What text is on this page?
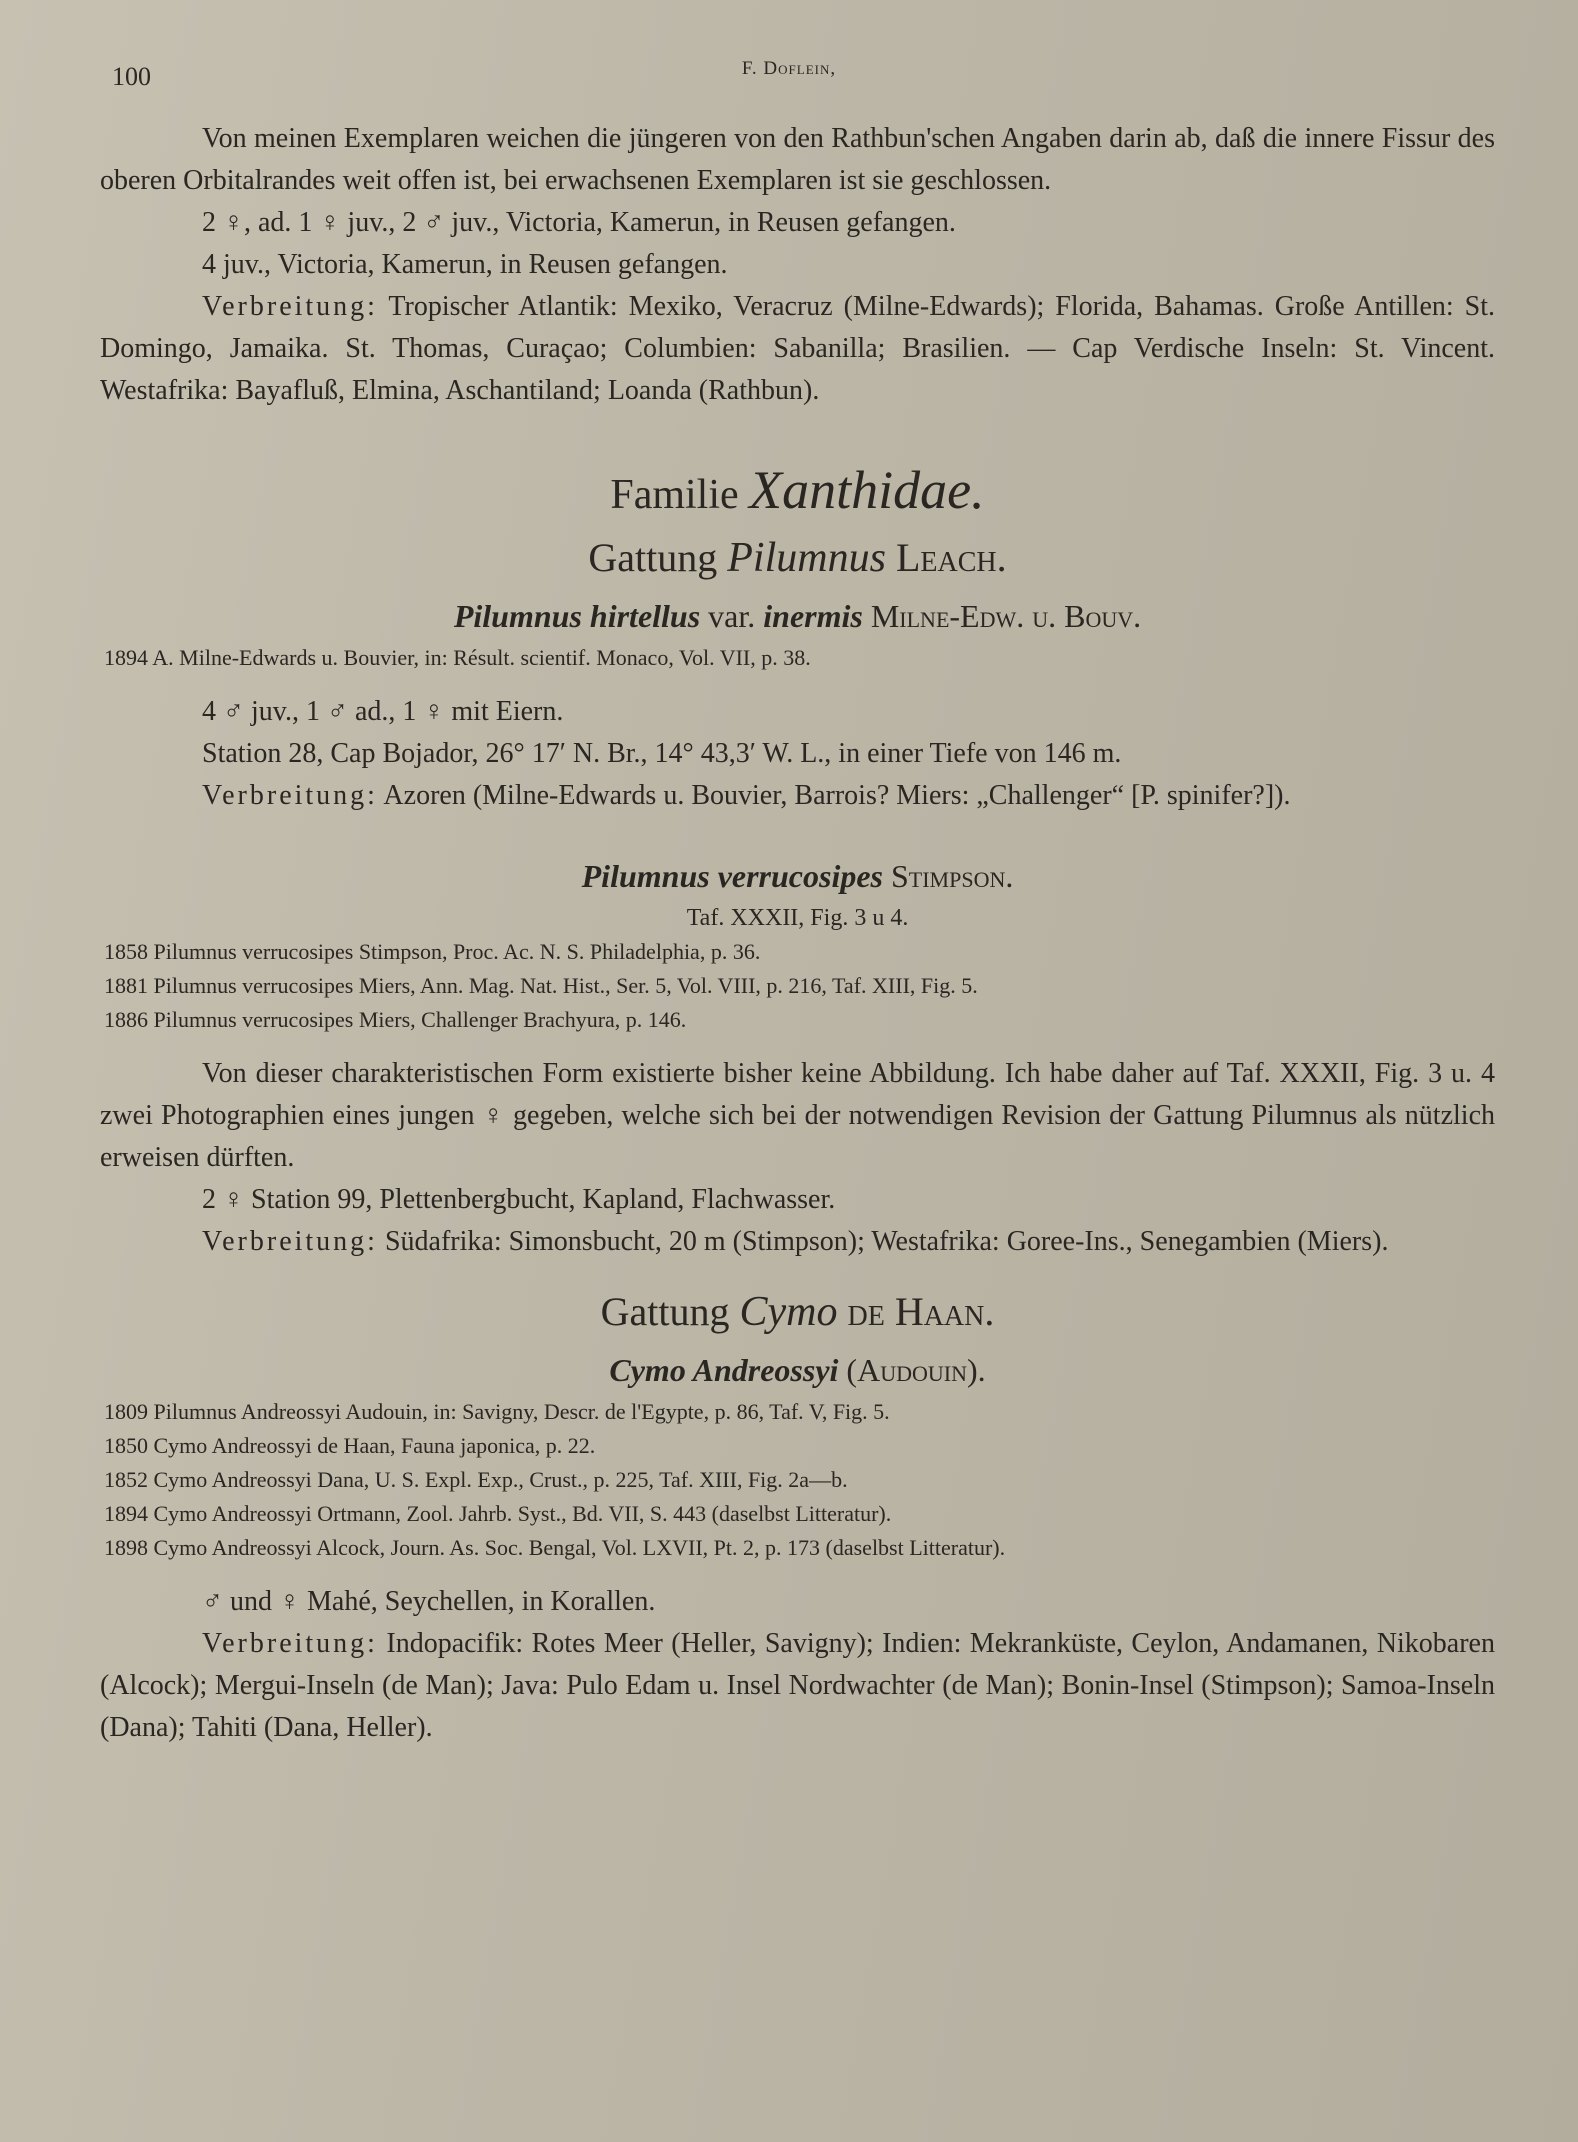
100	F. Doflein,

Von meinen Exemplaren weichen die jüngeren von den Rathbun'schen Angaben darin ab, daß die innere Fissur des oberen Orbitalrandes weit offen ist, bei erwachsenen Exemplaren ist sie geschlossen.

2 ♀, ad. 1 ♀ juv., 2 ♂ juv., Victoria, Kamerun, in Reusen gefangen.

4 juv., Victoria, Kamerun, in Reusen gefangen.

Verbreitung: Tropischer Atlantik: Mexiko, Veracruz (Milne-Edwards); Florida, Bahamas. Große Antillen: St. Domingo, Jamaika. St. Thomas, Curaçao; Columbien: Sabanilla; Brasilien. — Cap Verdische Inseln: St. Vincent. Westafrika: Bayafluß, Elmina, Aschantiland; Loanda (Rathbun).

Familie Xanthidae.
Gattung Pilumnus Leach.
Pilumnus hirtellus var. inermis Milne-Edw. u. Bouv.

1894 A. Milne-Edwards u. Bouvier, in: Résult. scientif. Monaco, Vol. VII, p. 38.

4 ♂ juv., 1 ♂ ad., 1 ♀ mit Eiern.

Station 28, Cap Bojador, 26° 17′ N. Br., 14° 43,3′ W. L., in einer Tiefe von 146 m.

Verbreitung: Azoren (Milne-Edwards u. Bouvier, Barrois? Miers: „Challenger“ [P. spinifer?]).

Pilumnus verrucosipes Stimpson.
Taf. XXXII, Fig. 3 u 4.

1858 Pilumnus verrucosipes Stimpson, Proc. Ac. N. S. Philadelphia, p. 36.

1881 Pilumnus verrucosipes Miers, Ann. Mag. Nat. Hist., Ser. 5, Vol. VIII, p. 216, Taf. XIII, Fig. 5.

1886 Pilumnus verrucosipes Miers, Challenger Brachyura, p. 146.

Von dieser charakteristischen Form existierte bisher keine Abbildung. Ich habe daher auf Taf. XXXII, Fig. 3 u. 4 zwei Photographien eines jungen ♀ gegeben, welche sich bei der notwendigen Revision der Gattung Pilumnus als nützlich erweisen dürften.

2 ♀ Station 99, Plettenbergbucht, Kapland, Flachwasser.

Verbreitung: Südafrika: Simonsbucht, 20 m (Stimpson); Westafrika: Goree-Ins., Senegambien (Miers).

Gattung Cymo de Haan.
Cymo Andreossyi (Audouin).

1809 Pilumnus Andreossyi Audouin, in: Savigny, Descr. de l'Egypte, p. 86, Taf. V, Fig. 5.

1850 Cymo Andreossyi de Haan, Fauna japonica, p. 22.

1852 Cymo Andreossyi Dana, U. S. Expl. Exp., Crust., p. 225, Taf. XIII, Fig. 2a—b.

1894 Cymo Andreossyi Ortmann, Zool. Jahrb. Syst., Bd. VII, S. 443 (daselbst Litteratur).

1898 Cymo Andreossyi Alcock, Journ. As. Soc. Bengal, Vol. LXVII, Pt. 2, p. 173 (daselbst Litteratur).

♂ und ♀ Mahé, Seychellen, in Korallen.

Verbreitung: Indopacifik: Rotes Meer (Heller, Savigny); Indien: Mekranküste, Ceylon, Andamanen, Nikobaren (Alcock); Mergui-Inseln (de Man); Java: Pulo Edam u. Insel Nordwachter (de Man); Bonin-Insel (Stimpson); Samoa-Inseln (Dana); Tahiti (Dana, Heller).
